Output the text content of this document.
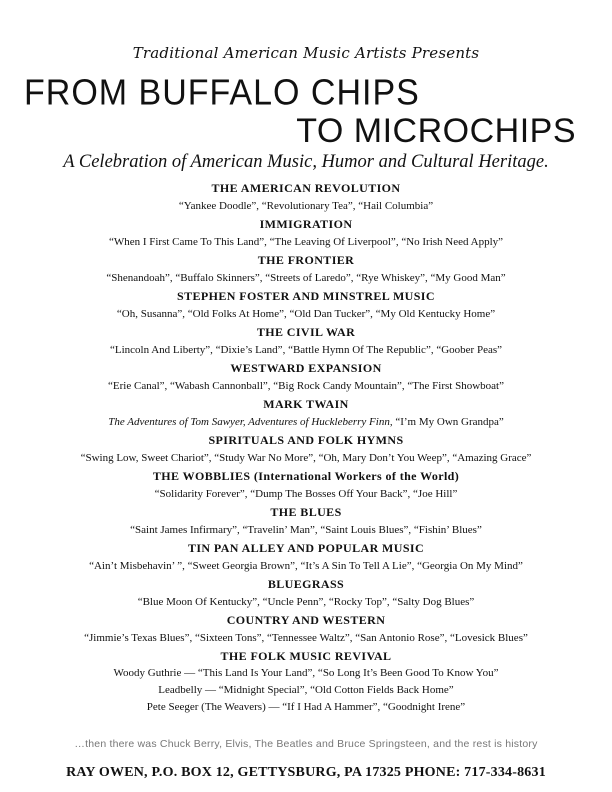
Traditional American Music Artists Presents
FROM BUFFALO CHIPS
TO MICROCHIPS
A Celebration of American Music, Humor and Cultural Heritage.
THE AMERICAN REVOLUTION
“Yankee Doodle”, “Revolutionary Tea”, “Hail Columbia”
IMMIGRATION
“When I First Came To This Land”, “The Leaving Of Liverpool”, “No Irish Need Apply”
THE FRONTIER
“Shenandoah”, “Buffalo Skinners”, “Streets of Laredo”, “Rye Whiskey”, “My Good Man”
STEPHEN FOSTER AND MINSTREL MUSIC
“Oh, Susanna”, “Old Folks At Home”, “Old Dan Tucker”, “My Old Kentucky Home”
THE CIVIL WAR
“Lincoln And Liberty”, “Dixie’s Land”, “Battle Hymn Of The Republic”, “Goober Peas”
WESTWARD EXPANSION
“Erie Canal”, “Wabash Cannonball”, “Big Rock Candy Mountain”, “The First Showboat”
MARK TWAIN
The Adventures of Tom Sawyer, Adventures of Huckleberry Finn, “I’m My Own Grandpa”
SPIRITUALS AND FOLK HYMNS
“Swing Low, Sweet Chariot”, “Study War No More”, “Oh, Mary Don’t You Weep”, “Amazing Grace”
THE WOBBLIES (International Workers of the World)
“Solidarity Forever”, “Dump The Bosses Off Your Back”, “Joe Hill”
THE BLUES
“Saint James Infirmary”, “Travelin’ Man”, “Saint Louis Blues”, “Fishin’ Blues”
TIN PAN ALLEY AND POPULAR MUSIC
“Ain’t Misbehavin’ ”, “Sweet Georgia Brown”, “It’s A Sin To Tell A Lie”, “Georgia On My Mind”
BLUEGRASS
“Blue Moon Of Kentucky”, “Uncle Penn”, “Rocky Top”, “Salty Dog Blues”
COUNTRY AND WESTERN
“Jimmie’s Texas Blues”, “Sixteen Tons”, “Tennessee Waltz”, “San Antonio Rose”, “Lovesick Blues”
THE FOLK MUSIC REVIVAL
Woody Guthrie — “This Land Is Your Land”, “So Long It’s Been Good To Know You”
Leadbelly — “Midnight Special”, “Old Cotton Fields Back Home”
Pete Seeger (The Weavers) — “If I Had A Hammer”, “Goodnight Irene”
…then there was Chuck Berry, Elvis, The Beatles and Bruce Springsteen, and the rest is history
RAY OWEN, P.O. BOX 12, GETTYSBURG, PA 17325 PHONE: 717-334-8631
